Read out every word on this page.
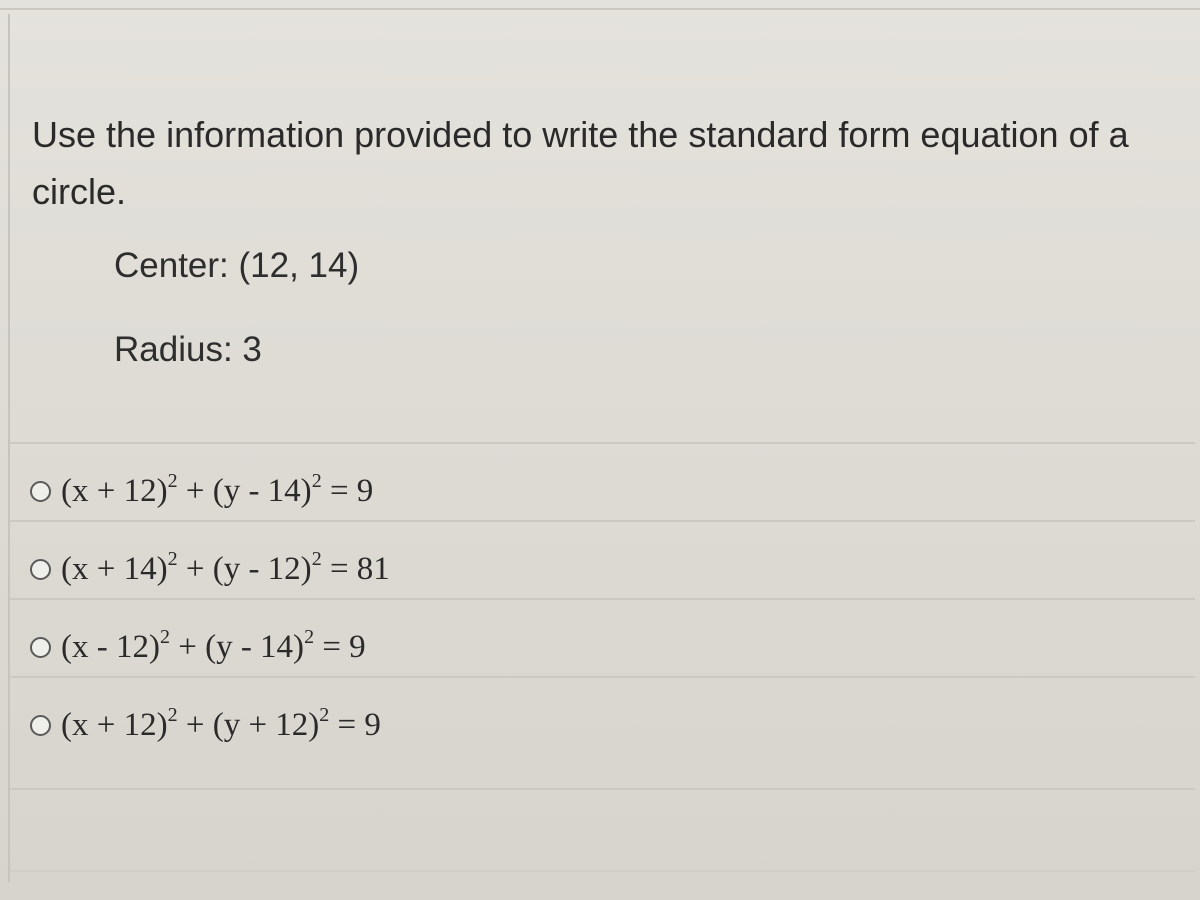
Use the information provided to write the standard form equation of a circle.
Center: (12, 14)
Radius: 3
$(x + 12)^2 + (y - 14)^2 = 9$
$(x + 14)^2 + (y - 12)^2 = 81$
(x - 12)$^2$ + (y - 14)$^2$ = 9
$(x + 12)^2 + (y + 12)^2 = 9$
